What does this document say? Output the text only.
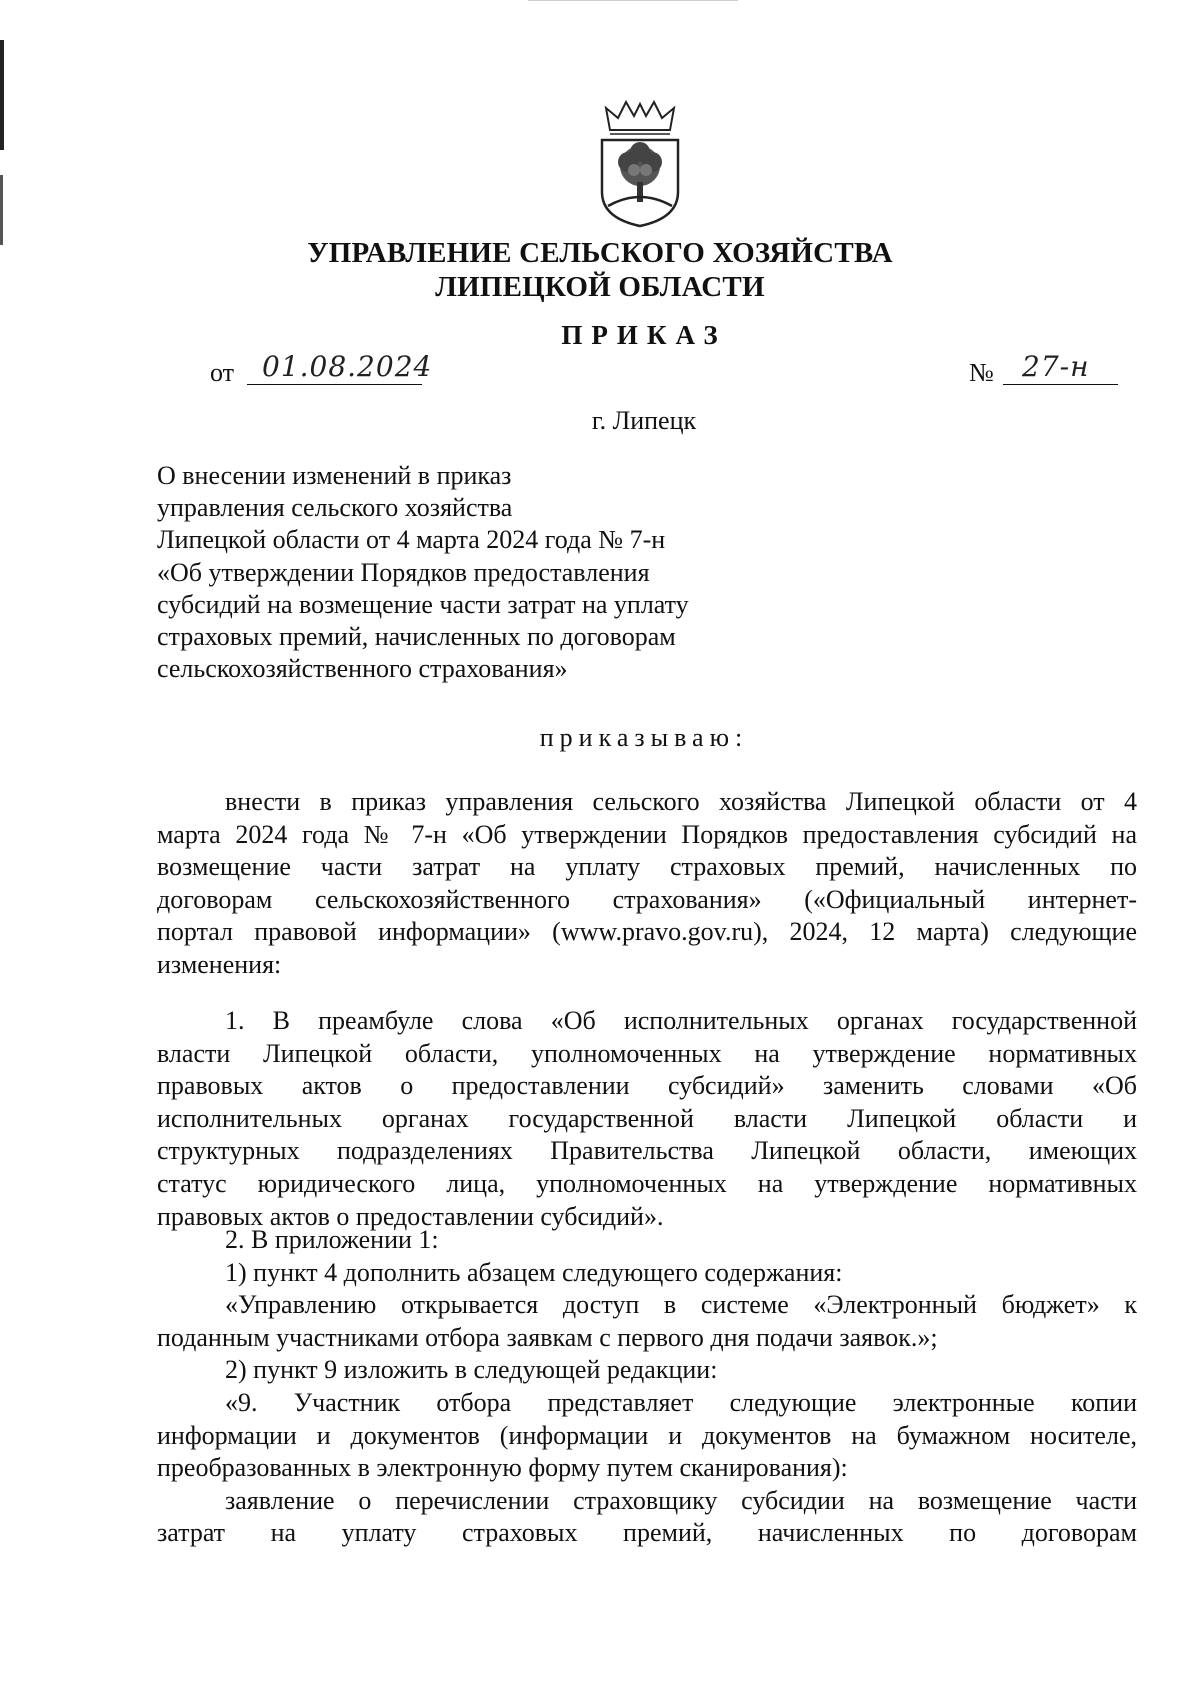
УПРАВЛЕНИЕ СЕЛЬСКОГО ХОЗЯЙСТВА
ЛИПЕЦКОЙ ОБЛАСТИ
ПРИКАЗ
от 01.08.2024	№ 27-н
г. Липецк
О внесении изменений в приказ
управления сельского хозяйства
Липецкой области от 4 марта 2024 года № 7-н
«Об утверждении Порядков предоставления
субсидий на возмещение части затрат на уплату
страховых премий, начисленных по договорам
сельскохозяйственного страхования»
приказываю:
внести в приказ управления сельского хозяйства Липецкой области от 4
марта 2024 года № 7-н «Об утверждении Порядков предоставления субсидий на
возмещение части затрат на уплату страховых премий, начисленных по
договорам сельскохозяйственного страхования» («Официальный интернет-
портал правовой информации» (www.pravo.gov.ru), 2024, 12 марта) следующие
изменения:
1. В преамбуле слова «Об исполнительных органах государственной
власти Липецкой области, уполномоченных на утверждение нормативных
правовых актов о предоставлении субсидий» заменить словами «Об
исполнительных органах государственной власти Липецкой области и
структурных подразделениях Правительства Липецкой области, имеющих
статус юридического лица, уполномоченных на утверждение нормативных
правовых актов о предоставлении субсидий».
2. В приложении 1:
1) пункт 4 дополнить абзацем следующего содержания:
«Управлению открывается доступ в системе «Электронный бюджет» к
поданным участниками отбора заявкам с первого дня подачи заявок.»;
2) пункт 9 изложить в следующей редакции:
«9. Участник отбора представляет следующие электронные копии
информации и документов (информации и документов на бумажном носителе,
преобразованных в электронную форму путем сканирования):
заявление о перечислении страховщику субсидии на возмещение части
затрат на уплату страховых премий, начисленных по договорам
